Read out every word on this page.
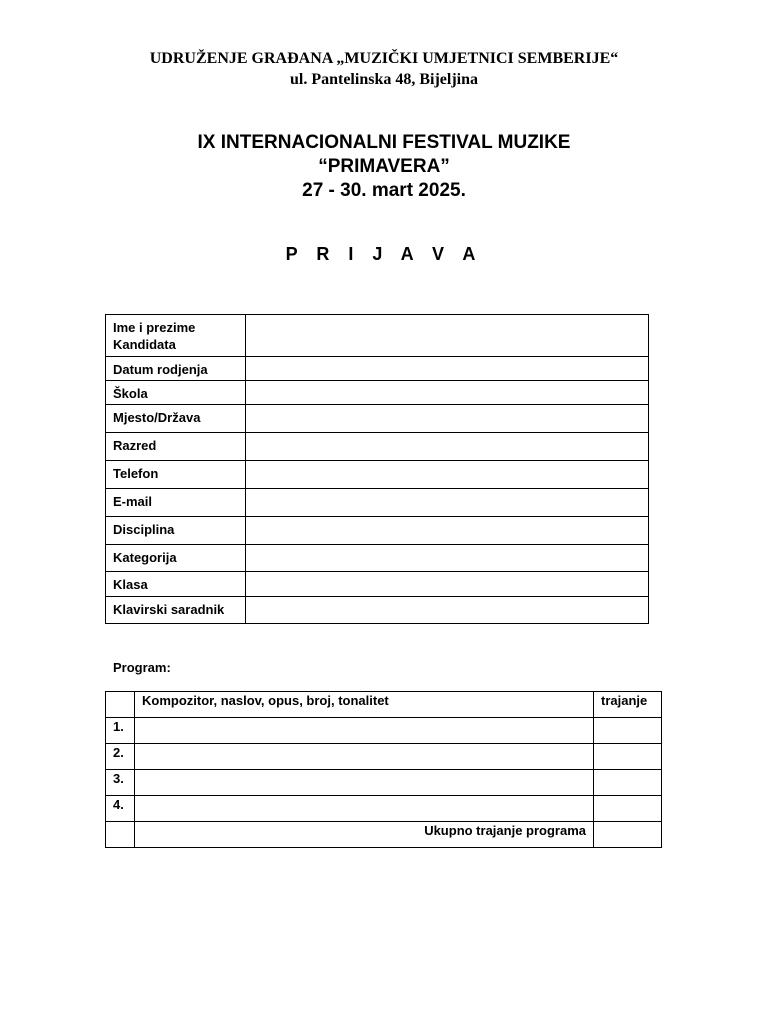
UDRUŽENJE GRAĐANA „MUZIČKI UMJETNICI SEMBERIJE“
ul. Pantelinska 48, Bijeljina
IX INTERNACIONALNI FESTIVAL MUZIKE
“PRIMAVERA”
27 - 30. mart 2025.
P R I J A V A
Ime i prezime Kandidata	
Datum rodjenja	
Škola	
Mjesto/Država	
Razred	
Telefon	
E-mail	
Disciplina	
Kategorija	
Klasa	
Klavirski saradnik	
Program:
	Kompozitor, naslov, opus, broj, tonalitet	trajanje
1.		
2.		
3.		
4.		
	Ukupno trajanje programa	
